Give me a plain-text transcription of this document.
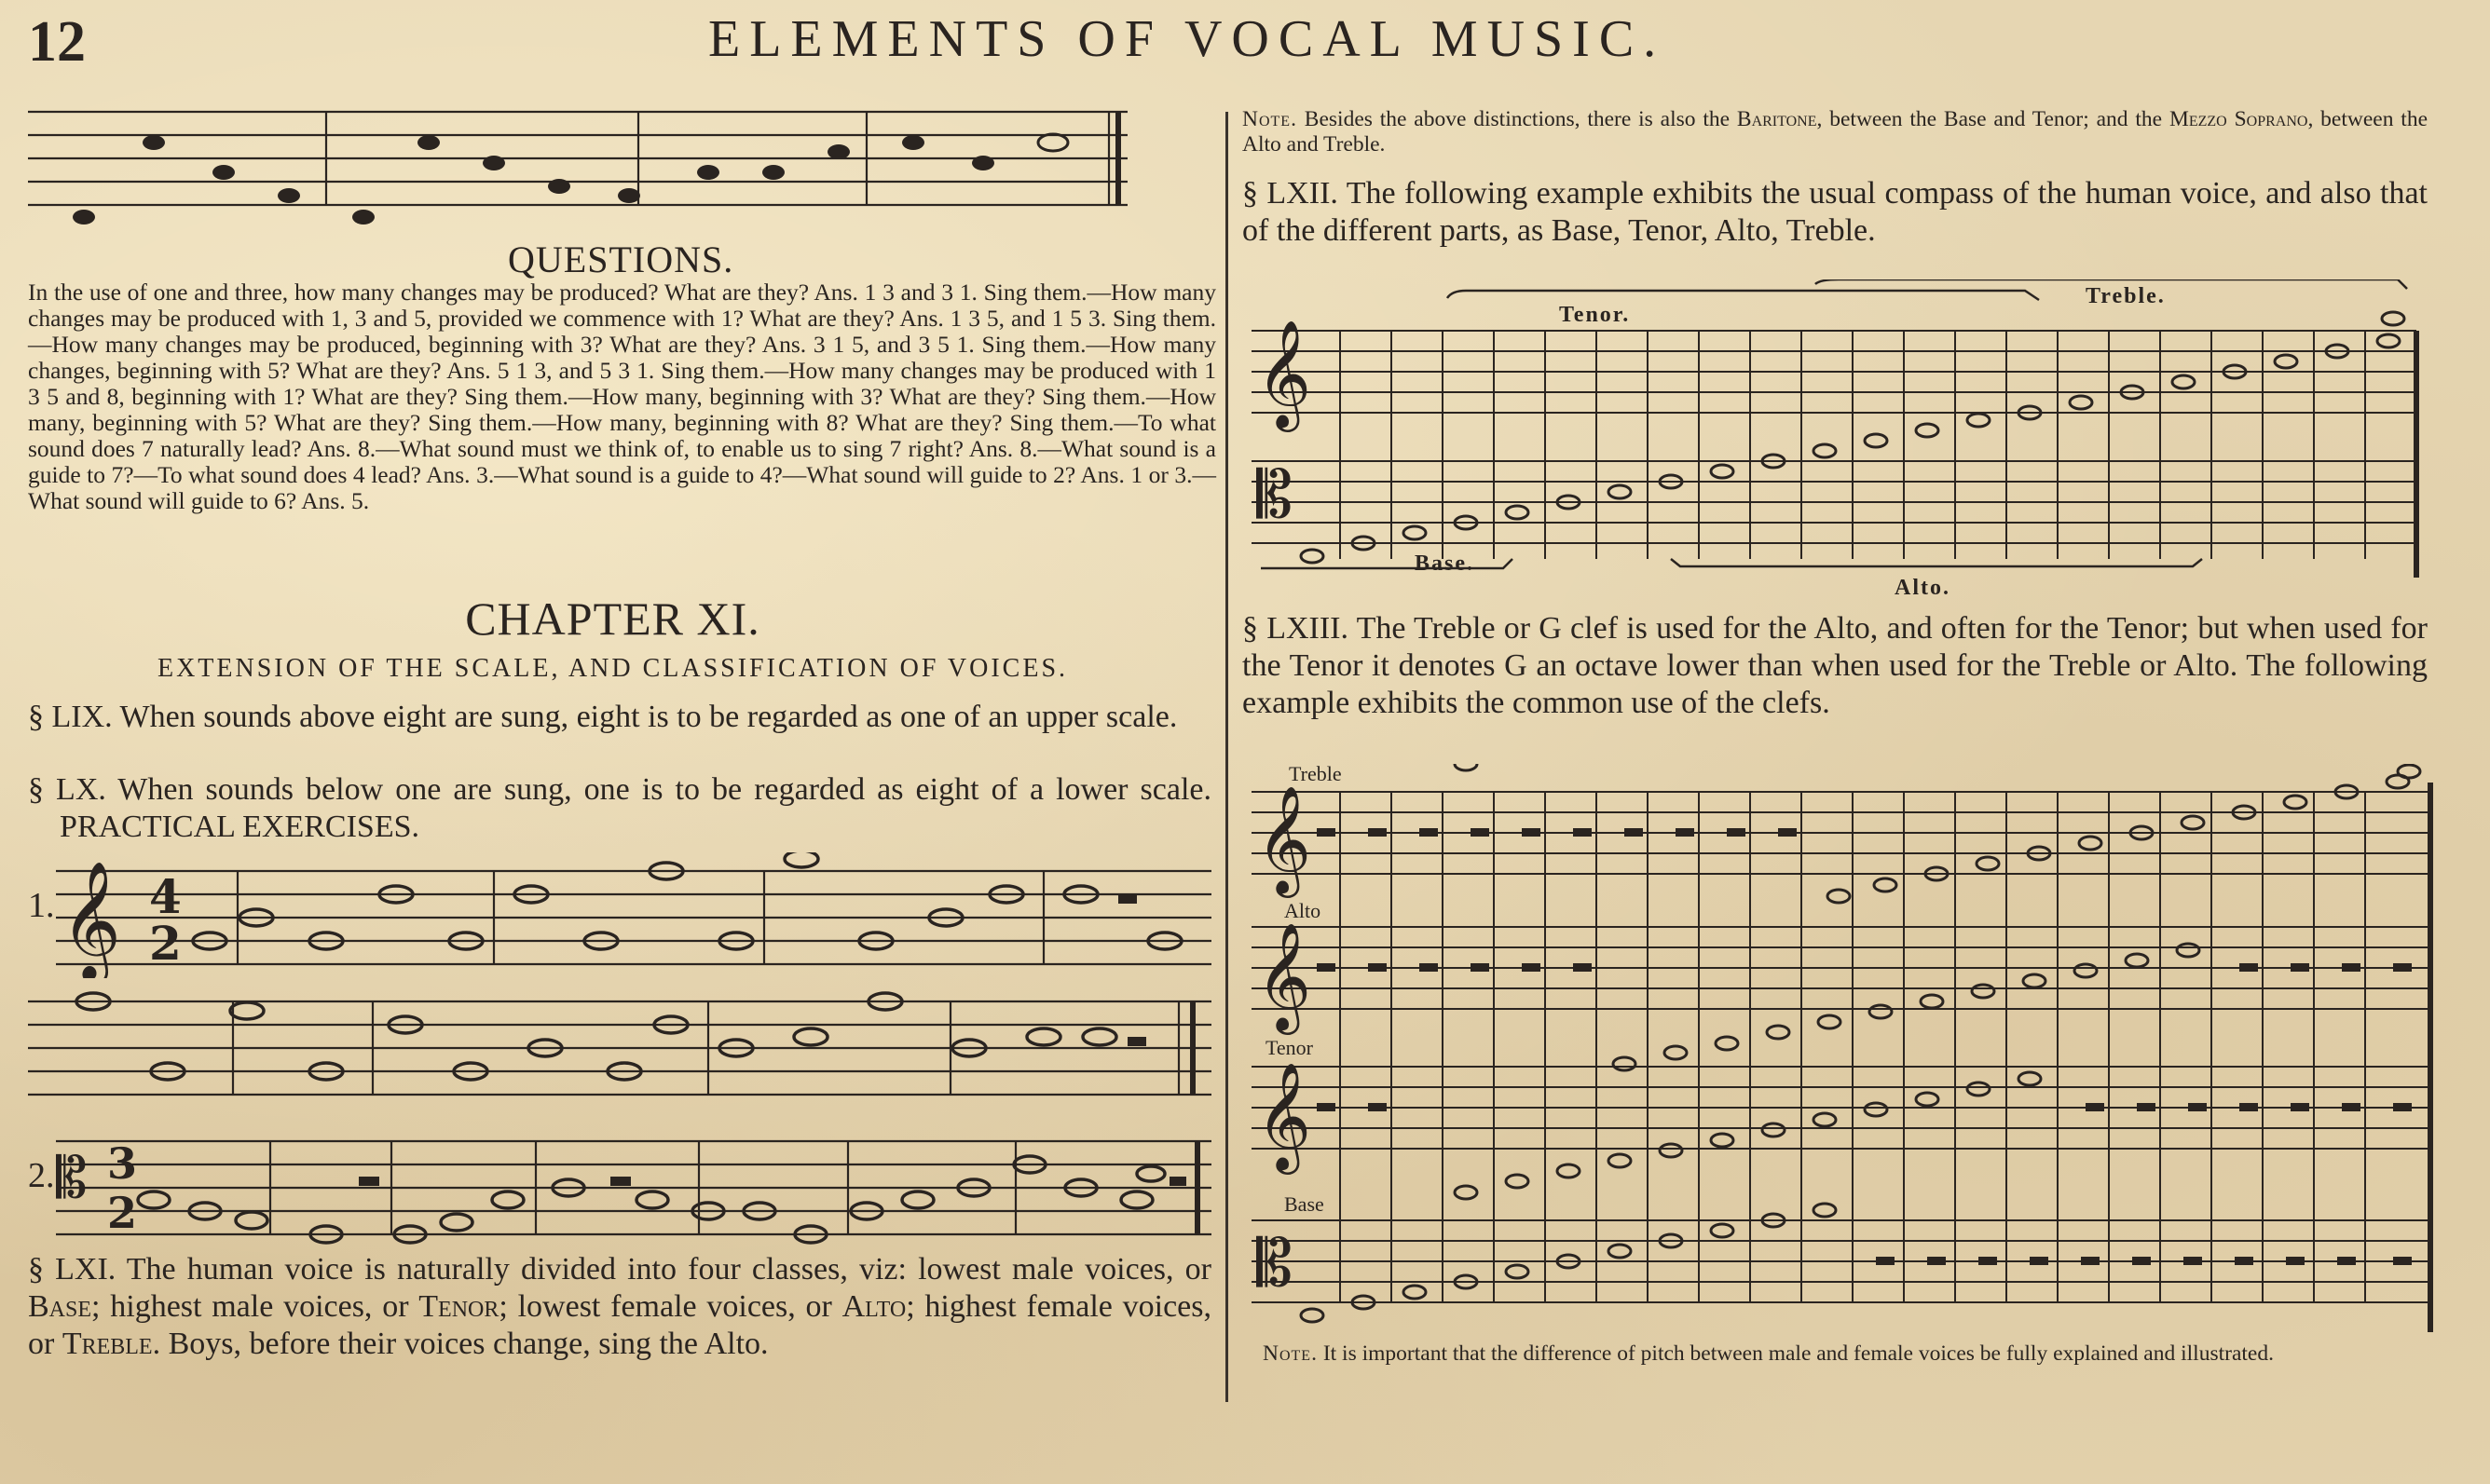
12	ELEMENTS OF VOCAL MUSIC.
QUESTIONS.
In the use of one and three, how many changes may be produced? What are they? Ans. 1 3 and 3 1. Sing them.—How many changes may be produced with 1, 3 and 5, provided we commence with 1? What are they? Ans. 1 3 5, and 1 5 3. Sing them.—How many changes may be produced, beginning with 3? What are they? Ans. 3 1 5, and 3 5 1. Sing them.—How many changes, beginning with 5? What are they? Ans. 5 1 3, and 5 3 1. Sing them.—How many changes may be produced with 1 3 5 and 8, beginning with 1? What are they? Sing them.—How many, beginning with 3? What are they? Sing them.—How many, beginning with 5? What are they? Sing them.—How many, beginning with 8? What are they? Sing them.—To what sound does 7 naturally lead? Ans. 8.—What sound must we think of, to enable us to sing 7 right? Ans. 8.—What sound is a guide to 7?—To what sound does 4 lead? Ans. 3.—What sound is a guide to 4?—What sound will guide to 2? Ans. 1 or 3.—What sound will guide to 6? Ans. 5.
CHAPTER XI.
EXTENSION OF THE SCALE, AND CLASSIFICATION OF VOICES.
§ LIX. When sounds above eight are sung, eight is to be regarded as one of an upper scale.
§ LX. When sounds below one are sung, one is to be regarded as eight of a lower scale.     PRACTICAL EXERCISES.
1. 𝄞 4
2
2. 𝄡 3
2
§ LXI. The human voice is naturally divided into four classes, viz: lowest male voices, or Base; highest male voices, or Tenor; lowest female voices, or Alto; highest female voices, or Treble. Boys, before their voices change, sing the Alto.
Note. Besides the above distinctions, there is also the Baritone, between the Base and Tenor; and the Mezzo Soprano, between the Alto and Treble.
§ LXII. The following example exhibits the usual compass of the human voice, and also that of the different parts, as Base, Tenor, Alto, Treble.
Tenor.
Treble.
Base.
Alto.
𝄞
𝄡
§ LXIII. The Treble or G clef is used for the Alto, and often for the Tenor; but when used for the Tenor it denotes G an octave lower than when used for the Treble or Alto. The following example exhibits the common use of the clefs.
Treble
Alto
Tenor
Base
𝄞
𝄞
𝄞
𝄡
Note. It is important that the difference of pitch between male and female voices be fully explained and illustrated.
